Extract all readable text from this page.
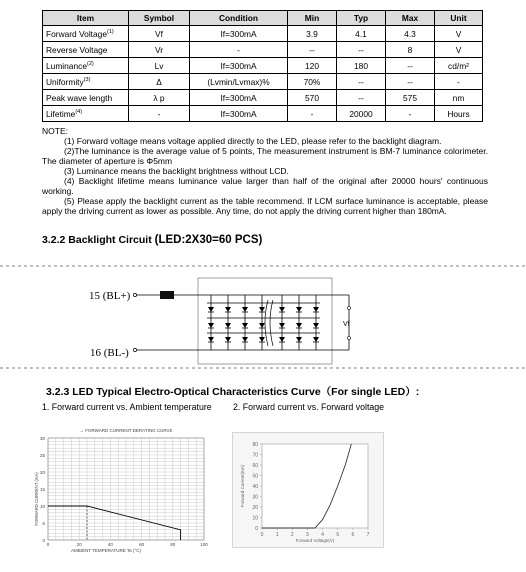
Item	Symbol	Condition	Min	Typ	Max	Unit
Forward Voltage$^{(1)}$	Vf	If=300mA	3.9	4.1	4.3	V
Reverse Voltage	Vr	-	--	--	8	V
Luminance$^{(2)}$	Lv	If=300mA	120	180	--	cd/m²
Uniformity$^{(3)}$	Δ	(Lvmin/Lvmax)%	70%	--	--	-
Peak wave length	λ p	If=300mA	570	--	575	nm
Lifetime$^{(4)}$	-	If=300mA	-	20000	-	Hours
NOTE:
(1) Forward voltage means voltage applied directly to the LED, please refer to the backlight diagram.
(2)The luminance is the average value of 5 points, The measurement instrument is BM-7 luminance colorimeter. The diameter of aperture is Φ5mm
(3) Luminance means the backlight brightness without LCD.
(4) Backlight lifetime means luminance value larger than half of the original after 20000 hours' continuous working.
(5) Please apply the backlight current as the table recommend. If LCM surface luminance is acceptable, please apply the driving current as lower as possible. Any time, do not apply the driving current higher than 180mA.
3.2.2 Backlight Circuit (LED:2X30=60 PCS)
15 (BL+)
16 (BL-)
Vf
3.2.3 LED Typical Electro-Optical Characteristics Curve（For single LED）:
1. Forward current vs. Ambient temperature 2. Forward current vs. Forward voltage
0
5
10
15
20
25
30
0	20	40	60	80	100
→ FORWARD CURRENT DERATING CURVE
AMBIENT TEMPERATURE Ta (°C)
FORWARD CURRENT (mA)
0
10
20
30
40
50
60
70
80
0 1 2 3 4 5 6 7
Forward Voltage(V)
Forward Current(mA)
